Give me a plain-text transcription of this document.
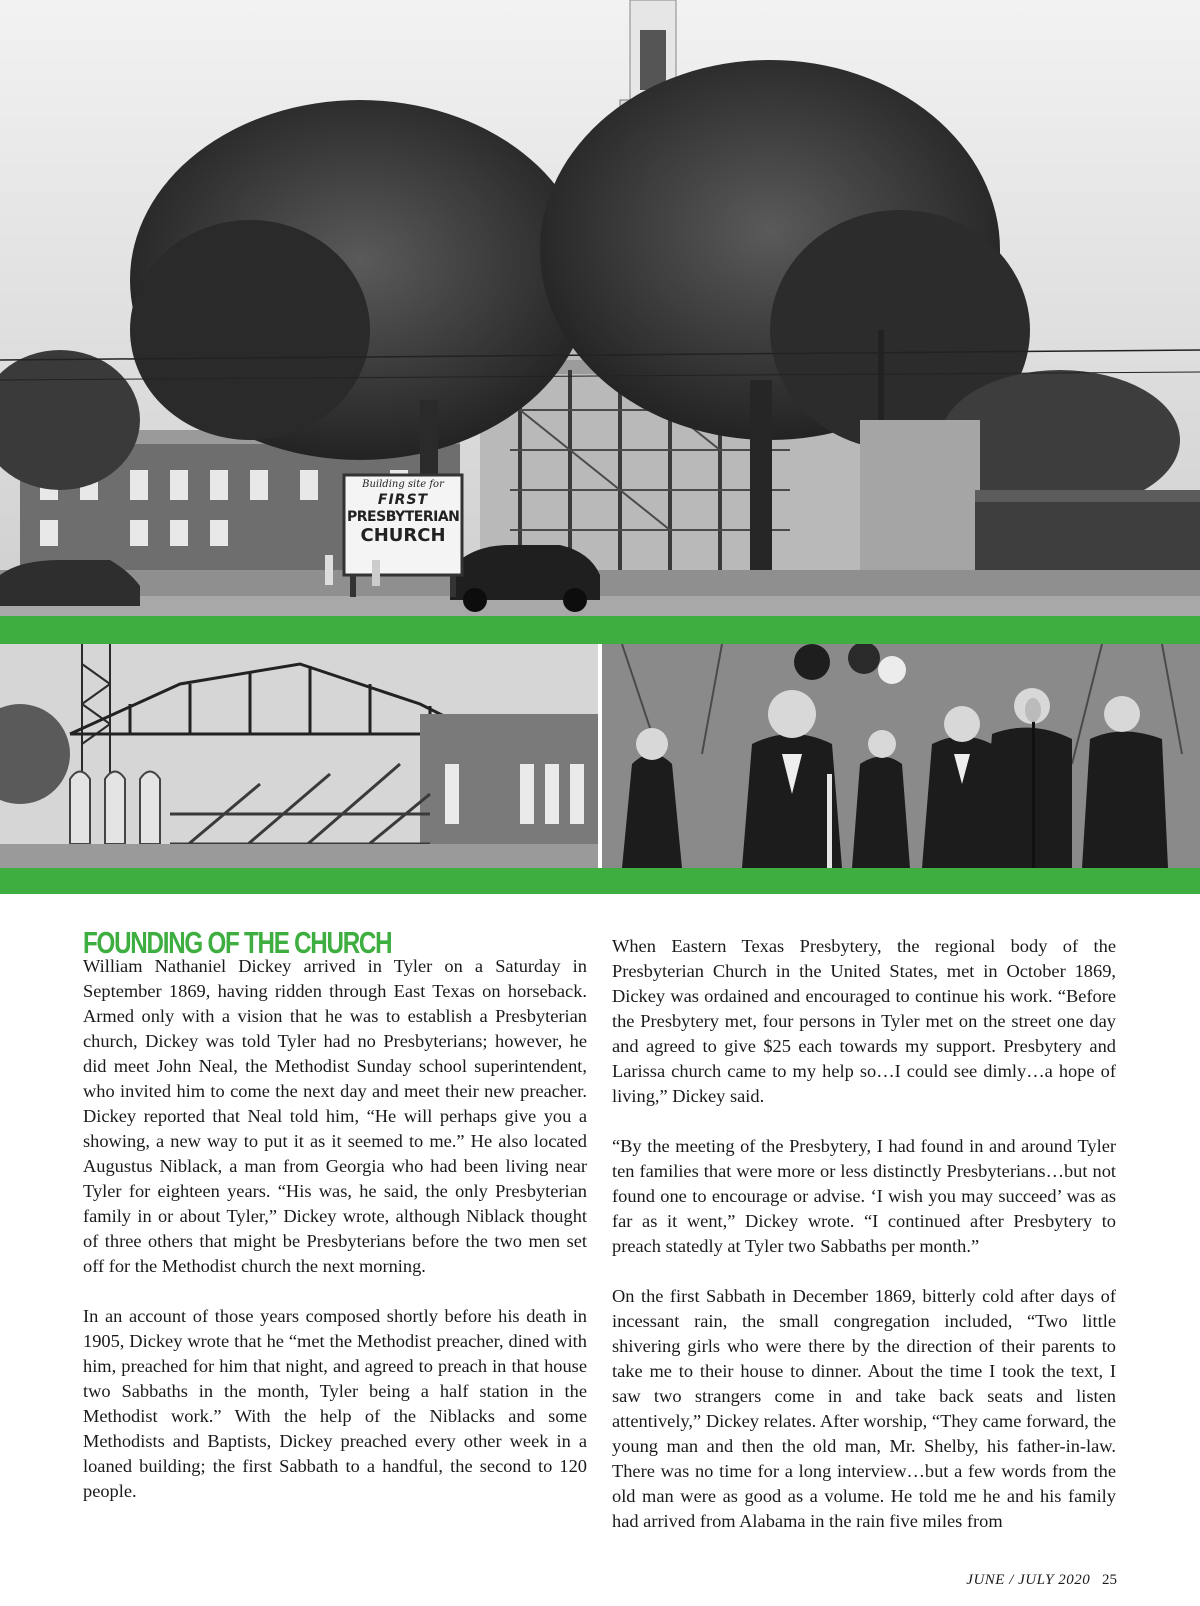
Building site for
FIRST
PRESBYTERIAN
CHURCH
FOUNDING OF THE CHURCH

William Nathaniel Dickey arrived in Tyler on a Saturday in September 1869, having ridden through East Texas on horseback. Armed only with a vision that he was to establish a Presbyterian church, Dickey was told Tyler had no Presbyterians; however, he did meet John Neal, the Methodist Sunday school superintendent, who invited him to come the next day and meet their new preacher. Dickey reported that Neal told him, “He will perhaps give you a showing, a new way to put it as it seemed to me.” He also located Augustus Niblack, a man from Georgia who had been living near Tyler for eighteen years. “His was, he said, the only Presbyterian family in or about Tyler,” Dickey wrote, although Niblack thought of three others that might be Presbyterians before the two men set off for the Methodist church the next morning.

In an account of those years composed shortly before his death in 1905, Dickey wrote that he “met the Methodist preacher, dined with him, preached for him that night, and agreed to preach in that house two Sabbaths in the month, Tyler being a half station in the Methodist work.” With the help of the Niblacks and some Methodists and Baptists, Dickey preached every other week in a loaned building; the first Sabbath to a handful, the second to 120 people.

When Eastern Texas Presbytery, the regional body of the Presbyterian Church in the United States, met in October 1869, Dickey was ordained and encouraged to continue his work. “Before the Presbytery met, four persons in Tyler met on the street one day and agreed to give $25 each towards my support. Presbytery and Larissa church came to my help so…I could see dimly…a hope of living,” Dickey said.

“By the meeting of the Presbytery, I had found in and around Tyler ten families that were more or less distinctly Presbyterians…but not found one to encourage or advise. ‘I wish you may succeed’ was as far as it went,” Dickey wrote. “I continued after Presbytery to preach statedly at Tyler two Sabbaths per month.”

On the first Sabbath in December 1869, bitterly cold after days of incessant rain, the small congregation included, “Two little shivering girls who were there by the direction of their parents to take me to their house to dinner. About the time I took the text, I saw two strangers come in and take back seats and listen attentively,” Dickey relates. After worship, “They came forward, the young man and then the old man, Mr. Shelby, his father-in-law. There was no time for a long interview…but a few words from the old man were as good as a volume. He told me he and his family had arrived from Alabama in the rain five miles from

JUNE / JULY 2020 25
